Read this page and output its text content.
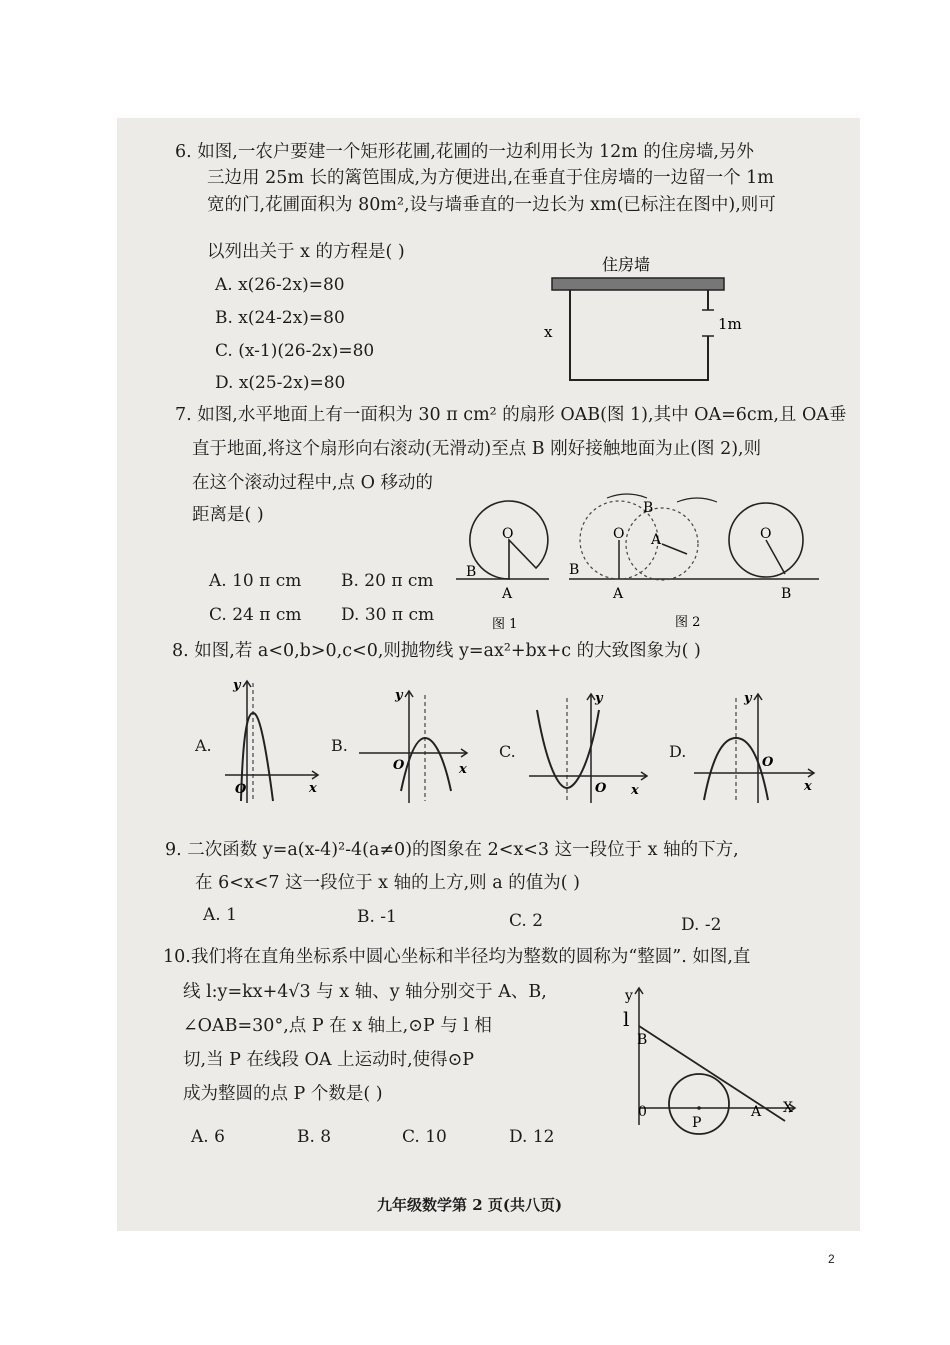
6. 如图,一农户要建一个矩形花圃,花圃的一边利用长为 12m 的住房墙,另外
三边用 25m 长的篱笆围成,为方便进出,在垂直于住房墙的一边留一个 1m
宽的门,花圃面积为 80m²,设与墙垂直的一边长为 xm(已标注在图中),则可
以列出关于 x 的方程是( )
A. x(26-2x)=80
B. x(24-2x)=80
C. (x-1)(26-2x)=80
D. x(25-2x)=80
住房墙
x	1m
7. 如图,水平地面上有一面积为 30 π cm² 的扇形 OAB(图 1),其中 OA=6cm,且 OA垂
直于地面,将这个扇形向右滚动(无滑动)至点 B 刚好接触地面为止(图 2),则
在这个滚动过程中,点 O 移动的
距离是( )
A. 10 π cm B. 20 π cm
C. 24 π cm D. 30 π cm
O
A
B
图 1
O A
B
O
A	B
B
图 2
8. 如图,若 a<0,b>0,c<0,则抛物线 y=ax²+bx+c 的大致图象为( )
A.	B.	C.	D.
y
x
O
y
x
O
y
x
O
y
x
O
9. 二次函数 y=a(x-4)²-4(a≠0)的图象在 2<x<3 这一段位于 x 轴的下方,
在 6<x<7 这一段位于 x 轴的上方,则 a 的值为( )
A. 1	B. -1	C. 2	D. -2
10.我们将在直角坐标系中圆心坐标和半径均为整数的圆称为“整圆”. 如图,直
线 l:y=kx+4√3 与 x 轴、y 轴分别交于 A、B,
∠OAB=30°,点 P 在 x 轴上,⊙P 与 l 相
切,当 P 在线段 OA 上运动时,使得⊙P
成为整圆的点 P 个数是( )
A. 6	B. 8	C. 10	D. 12
y
l
B
0
P
A X
九年级数学第 2 页(共八页)
2
